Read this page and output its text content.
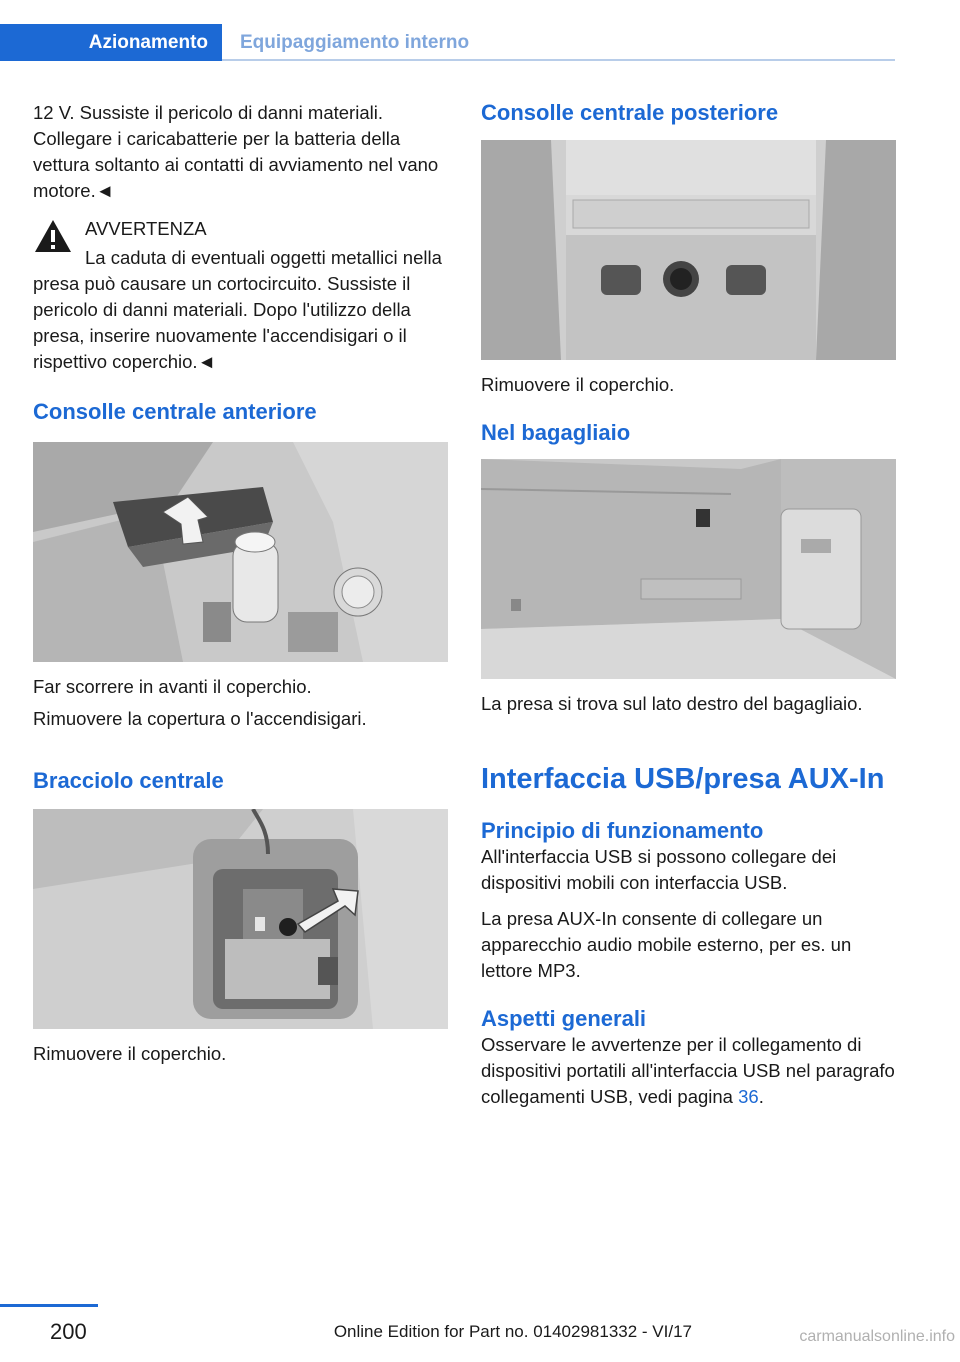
Azionamento	Equipaggiamento interno

12 V. Sussiste il pericolo di danni materiali. Collegare i caricabatterie per la batteria della vettura soltanto ai contatti di avviamento nel vano motore.◄

AVVERTENZA

La caduta di eventuali oggetti metallici nella presa può causare un cortocircuito. Sussiste il pericolo di danni materiali. Dopo l'utilizzo della presa, inserire nuovamente l'accendisigari o il rispettivo coperchio.◄

Consolle centrale anteriore

Far scorrere in avanti il coperchio.

Rimuovere la copertura o l'accendisigari.

Bracciolo centrale

Rimuovere il coperchio.

Consolle centrale posteriore

Rimuovere il coperchio.

Nel bagagliaio

La presa si trova sul lato destro del bagagliaio.

Interfaccia USB/presa AUX-In
Principio di funzionamento

All'interfaccia USB si possono collegare dei dispositivi mobili con interfaccia USB.

La presa AUX-In consente di collegare un apparecchio audio mobile esterno, per es. un lettore MP3.

Aspetti generali

Osservare le avvertenze per il collegamento di dispositivi portatili all'interfaccia USB nel paragrafo collegamenti USB, vedi pagina 36.

200	Online Edition for Part no. 01402981332 - VI/17	carmanualsonline.info
